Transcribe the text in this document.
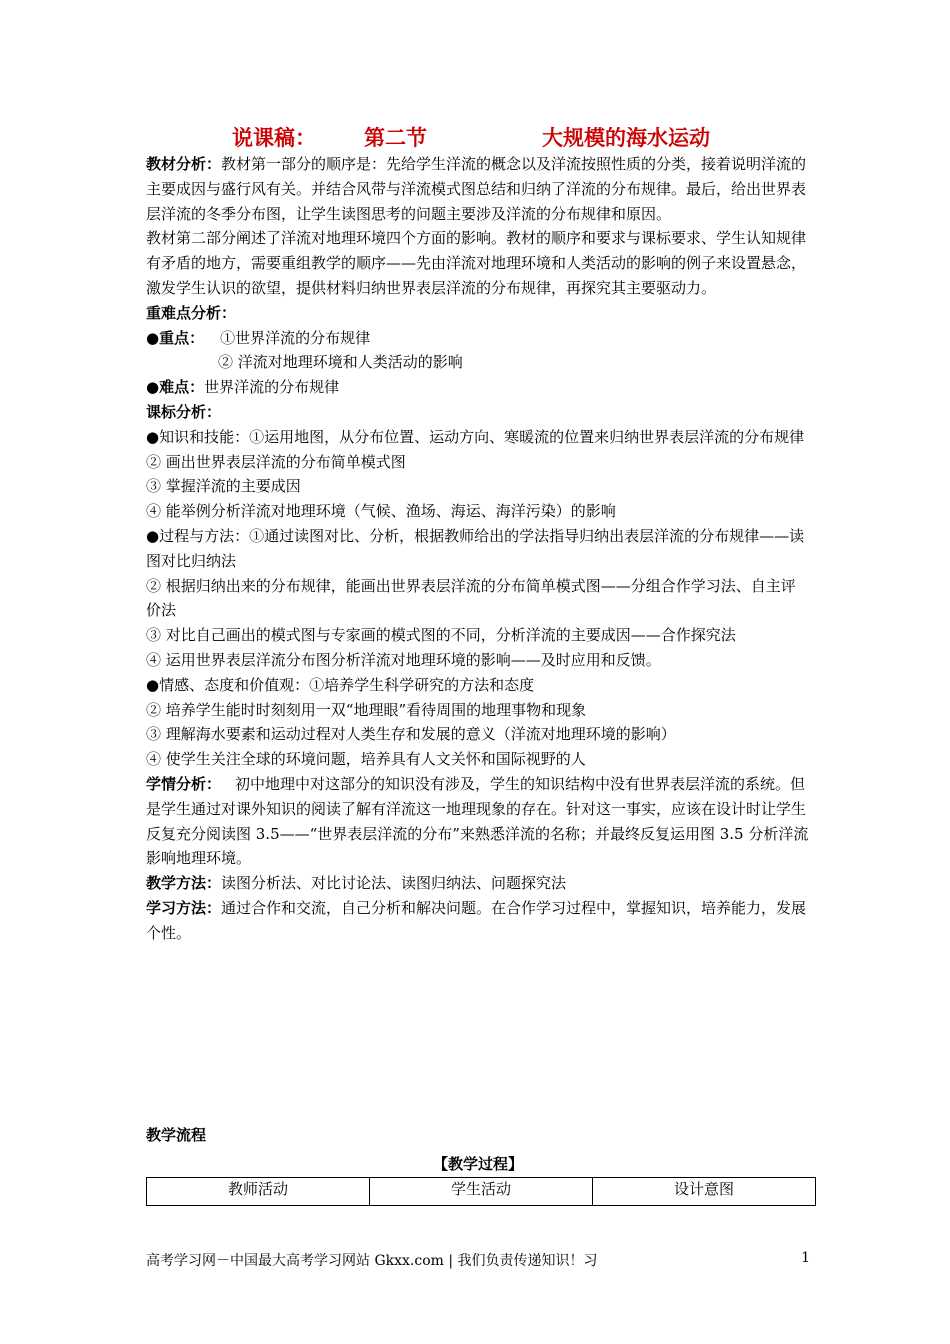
说课稿： 第二节	大规模的海水运动

教材分析：教材第一部分的顺序是：先给学生洋流的概念以及洋流按照性质的分类，接着说明洋流的主要成因与盛行风有关。并结合风带与洋流模式图总结和归纳了洋流的分布规律。最后，给出世界表层洋流的冬季分布图，让学生读图思考的问题主要涉及洋流的分布规律和原因。

教材第二部分阐述了洋流对地理环境四个方面的影响。教材的顺序和要求与课标要求、学生认知规律有矛盾的地方，需要重组教学的顺序——先由洋流对地理环境和人类活动的影响的例子来设置悬念，激发学生认识的欲望，提供材料归纳世界表层洋流的分布规律，再探究其主要驱动力。

重难点分析：

●重点： ①世界洋流的分布规律

② 洋流对地理环境和人类活动的影响

●难点：世界洋流的分布规律

课标分析：

●知识和技能：①运用地图，从分布位置、运动方向、寒暖流的位置来归纳世界表层洋流的分布规律

② 画出世界表层洋流的分布简单模式图

③ 掌握洋流的主要成因

④ 能举例分析洋流对地理环境（气候、渔场、海运、海洋污染）的影响

●过程与方法：①通过读图对比、分析，根据教师给出的学法指导归纳出表层洋流的分布规律——读图对比归纳法

② 根据归纳出来的分布规律，能画出世界表层洋流的分布简单模式图——分组合作学习法、自主评价法

③ 对比自己画出的模式图与专家画的模式图的不同，分析洋流的主要成因——合作探究法

④ 运用世界表层洋流分布图分析洋流对地理环境的影响——及时应用和反馈。

●情感、态度和价值观：①培养学生科学研究的方法和态度

② 培养学生能时时刻刻用一双“地理眼”看待周围的地理事物和现象

③ 理解海水要素和运动过程对人类生存和发展的意义（洋流对地理环境的影响）

④ 使学生关注全球的环境问题，培养具有人文关怀和国际视野的人

学情分析： 初中地理中对这部分的知识没有涉及，学生的知识结构中没有世界表层洋流的系统。但是学生通过对课外知识的阅读了解有洋流这一地理现象的存在。针对这一事实，应该在设计时让学生反复充分阅读图 3.5——“世界表层洋流的分布”来熟悉洋流的名称；并最终反复运用图 3.5 分析洋流影响地理环境。

教学方法：读图分析法、对比讨论法、读图归纳法、问题探究法

学习方法：通过合作和交流，自己分析和解决问题。在合作学习过程中，掌握知识，培养能力，发展个性。

教学流程
【教学过程】
教师活动	学生活动	设计意图
高考学习网－中国最大高考学习网站 Gkxx.com | 我们负责传递知识！习	1
